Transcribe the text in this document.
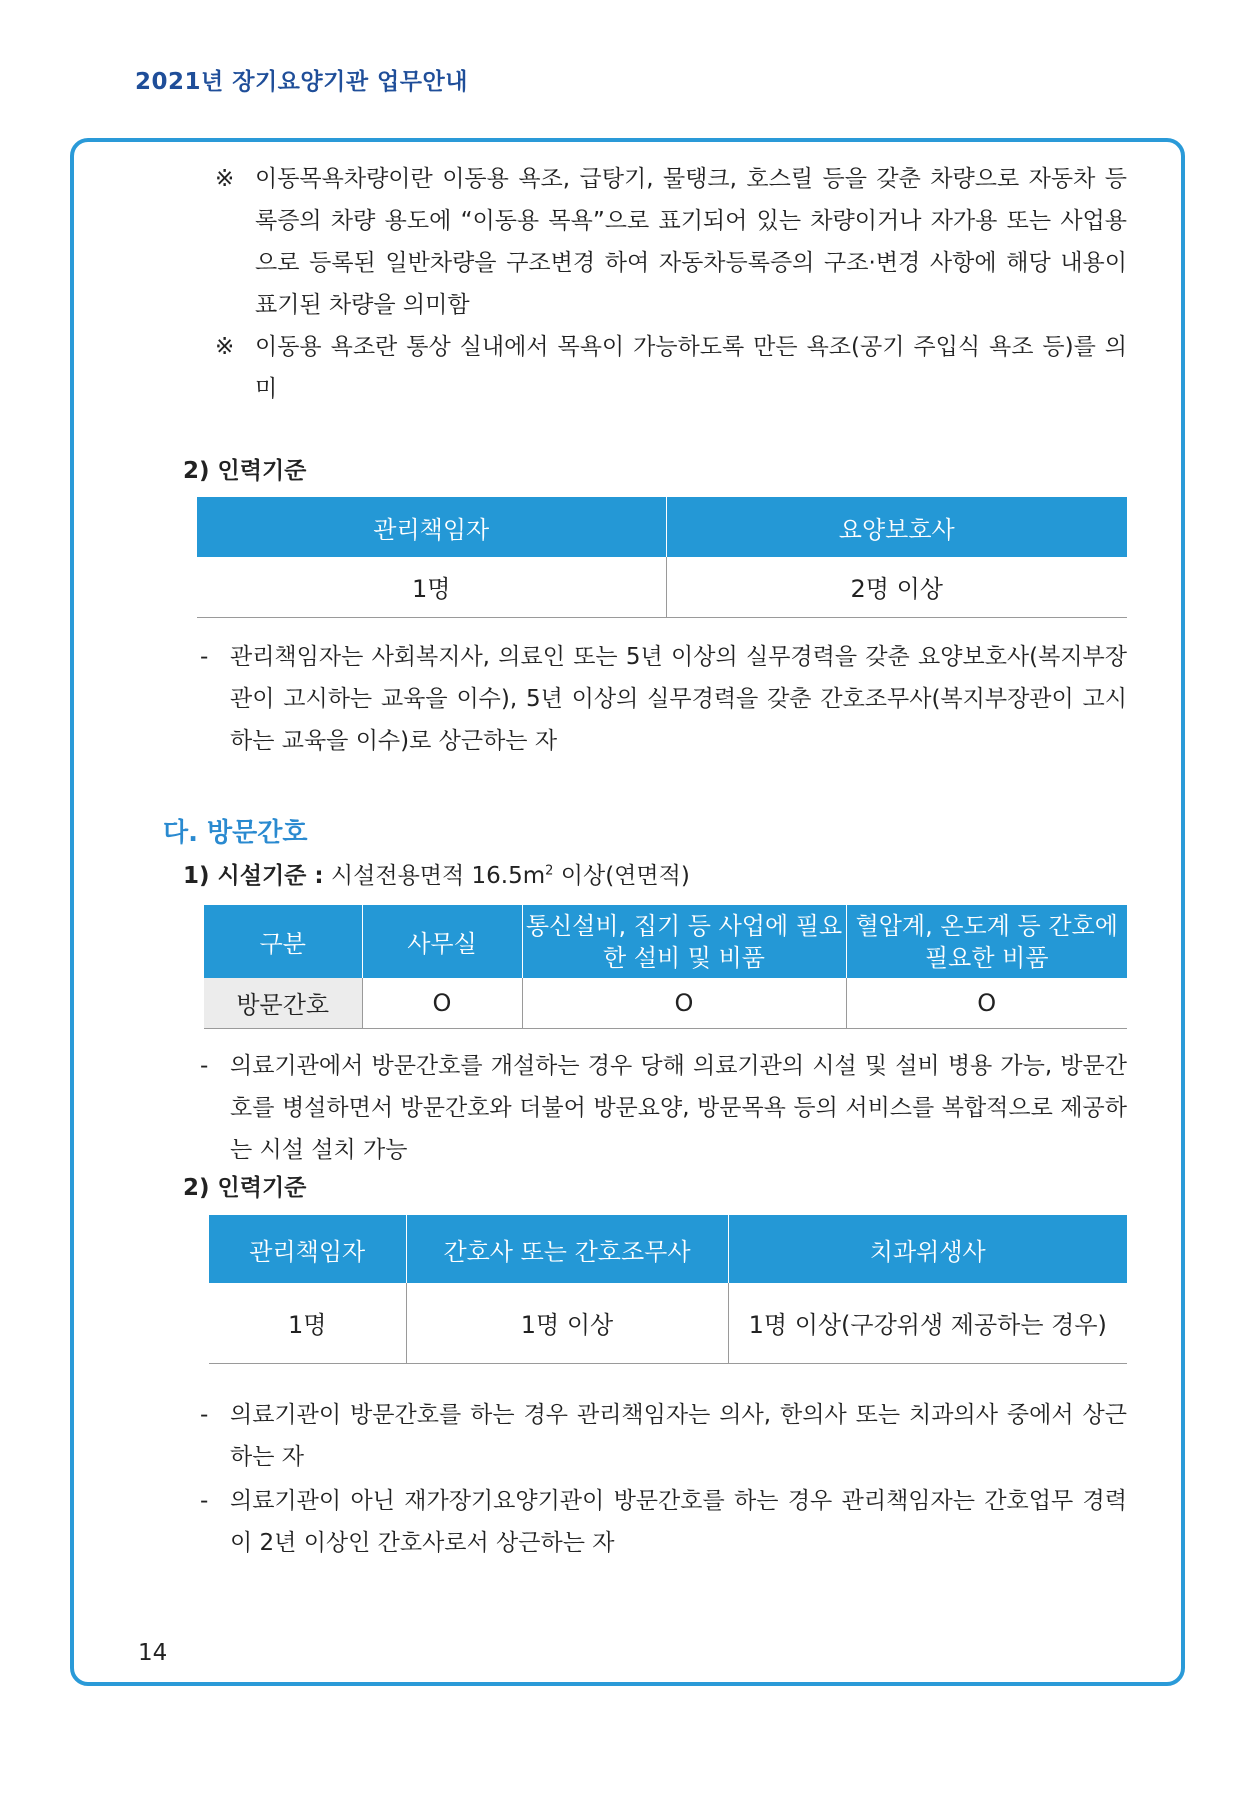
2021년 장기요양기관 업무안내
※ 이동목욕차량이란 이동용 욕조, 급탕기, 물탱크, 호스릴 등을 갖춘 차량으로 자동차 등록증의 차량 용도에 “이동용 목욕”으로 표기되어 있는 차량이거나 자가용 또는 사업용으로 등록된 일반차량을 구조변경 하여 자동차등록증의 구조·변경 사항에 해당 내용이 표기된 차량을 의미함
※ 이동용 욕조란 통상 실내에서 목욕이 가능하도록 만든 욕조(공기 주입식 욕조 등)를 의미
2) 인력기준
관리책임자	요양보호사
1명	2명 이상
- 관리책임자는 사회복지사, 의료인 또는 5년 이상의 실무경력을 갖춘 요양보호사(복지부장관이 고시하는 교육을 이수), 5년 이상의 실무경력을 갖춘 간호조무사(복지부장관이 고시하는 교육을 이수)로 상근하는 자
다. 방문간호
1) 시설기준 : 시설전용면적 $16.5m^2$ 이상(연면적)
구분	사무실	통신설비, 집기 등 사업에 필요한 설비 및 비품	혈압계, 온도계 등 간호에 필요한 비품
방문간호	O	O	O
- 의료기관에서 방문간호를 개설하는 경우 당해 의료기관의 시설 및 설비 병용 가능, 방문간호를 병설하면서 방문간호와 더불어 방문요양, 방문목욕 등의 서비스를 복합적으로 제공하는 시설 설치 가능
2) 인력기준
관리책임자	간호사 또는 간호조무사	치과위생사
1명	1명 이상	1명 이상(구강위생 제공하는 경우)
- 의료기관이 방문간호를 하는 경우 관리책임자는 의사, 한의사 또는 치과의사 중에서 상근하는 자
- 의료기관이 아닌 재가장기요양기관이 방문간호를 하는 경우 관리책임자는 간호업무 경력이 2년 이상인 간호사로서 상근하는 자
14
